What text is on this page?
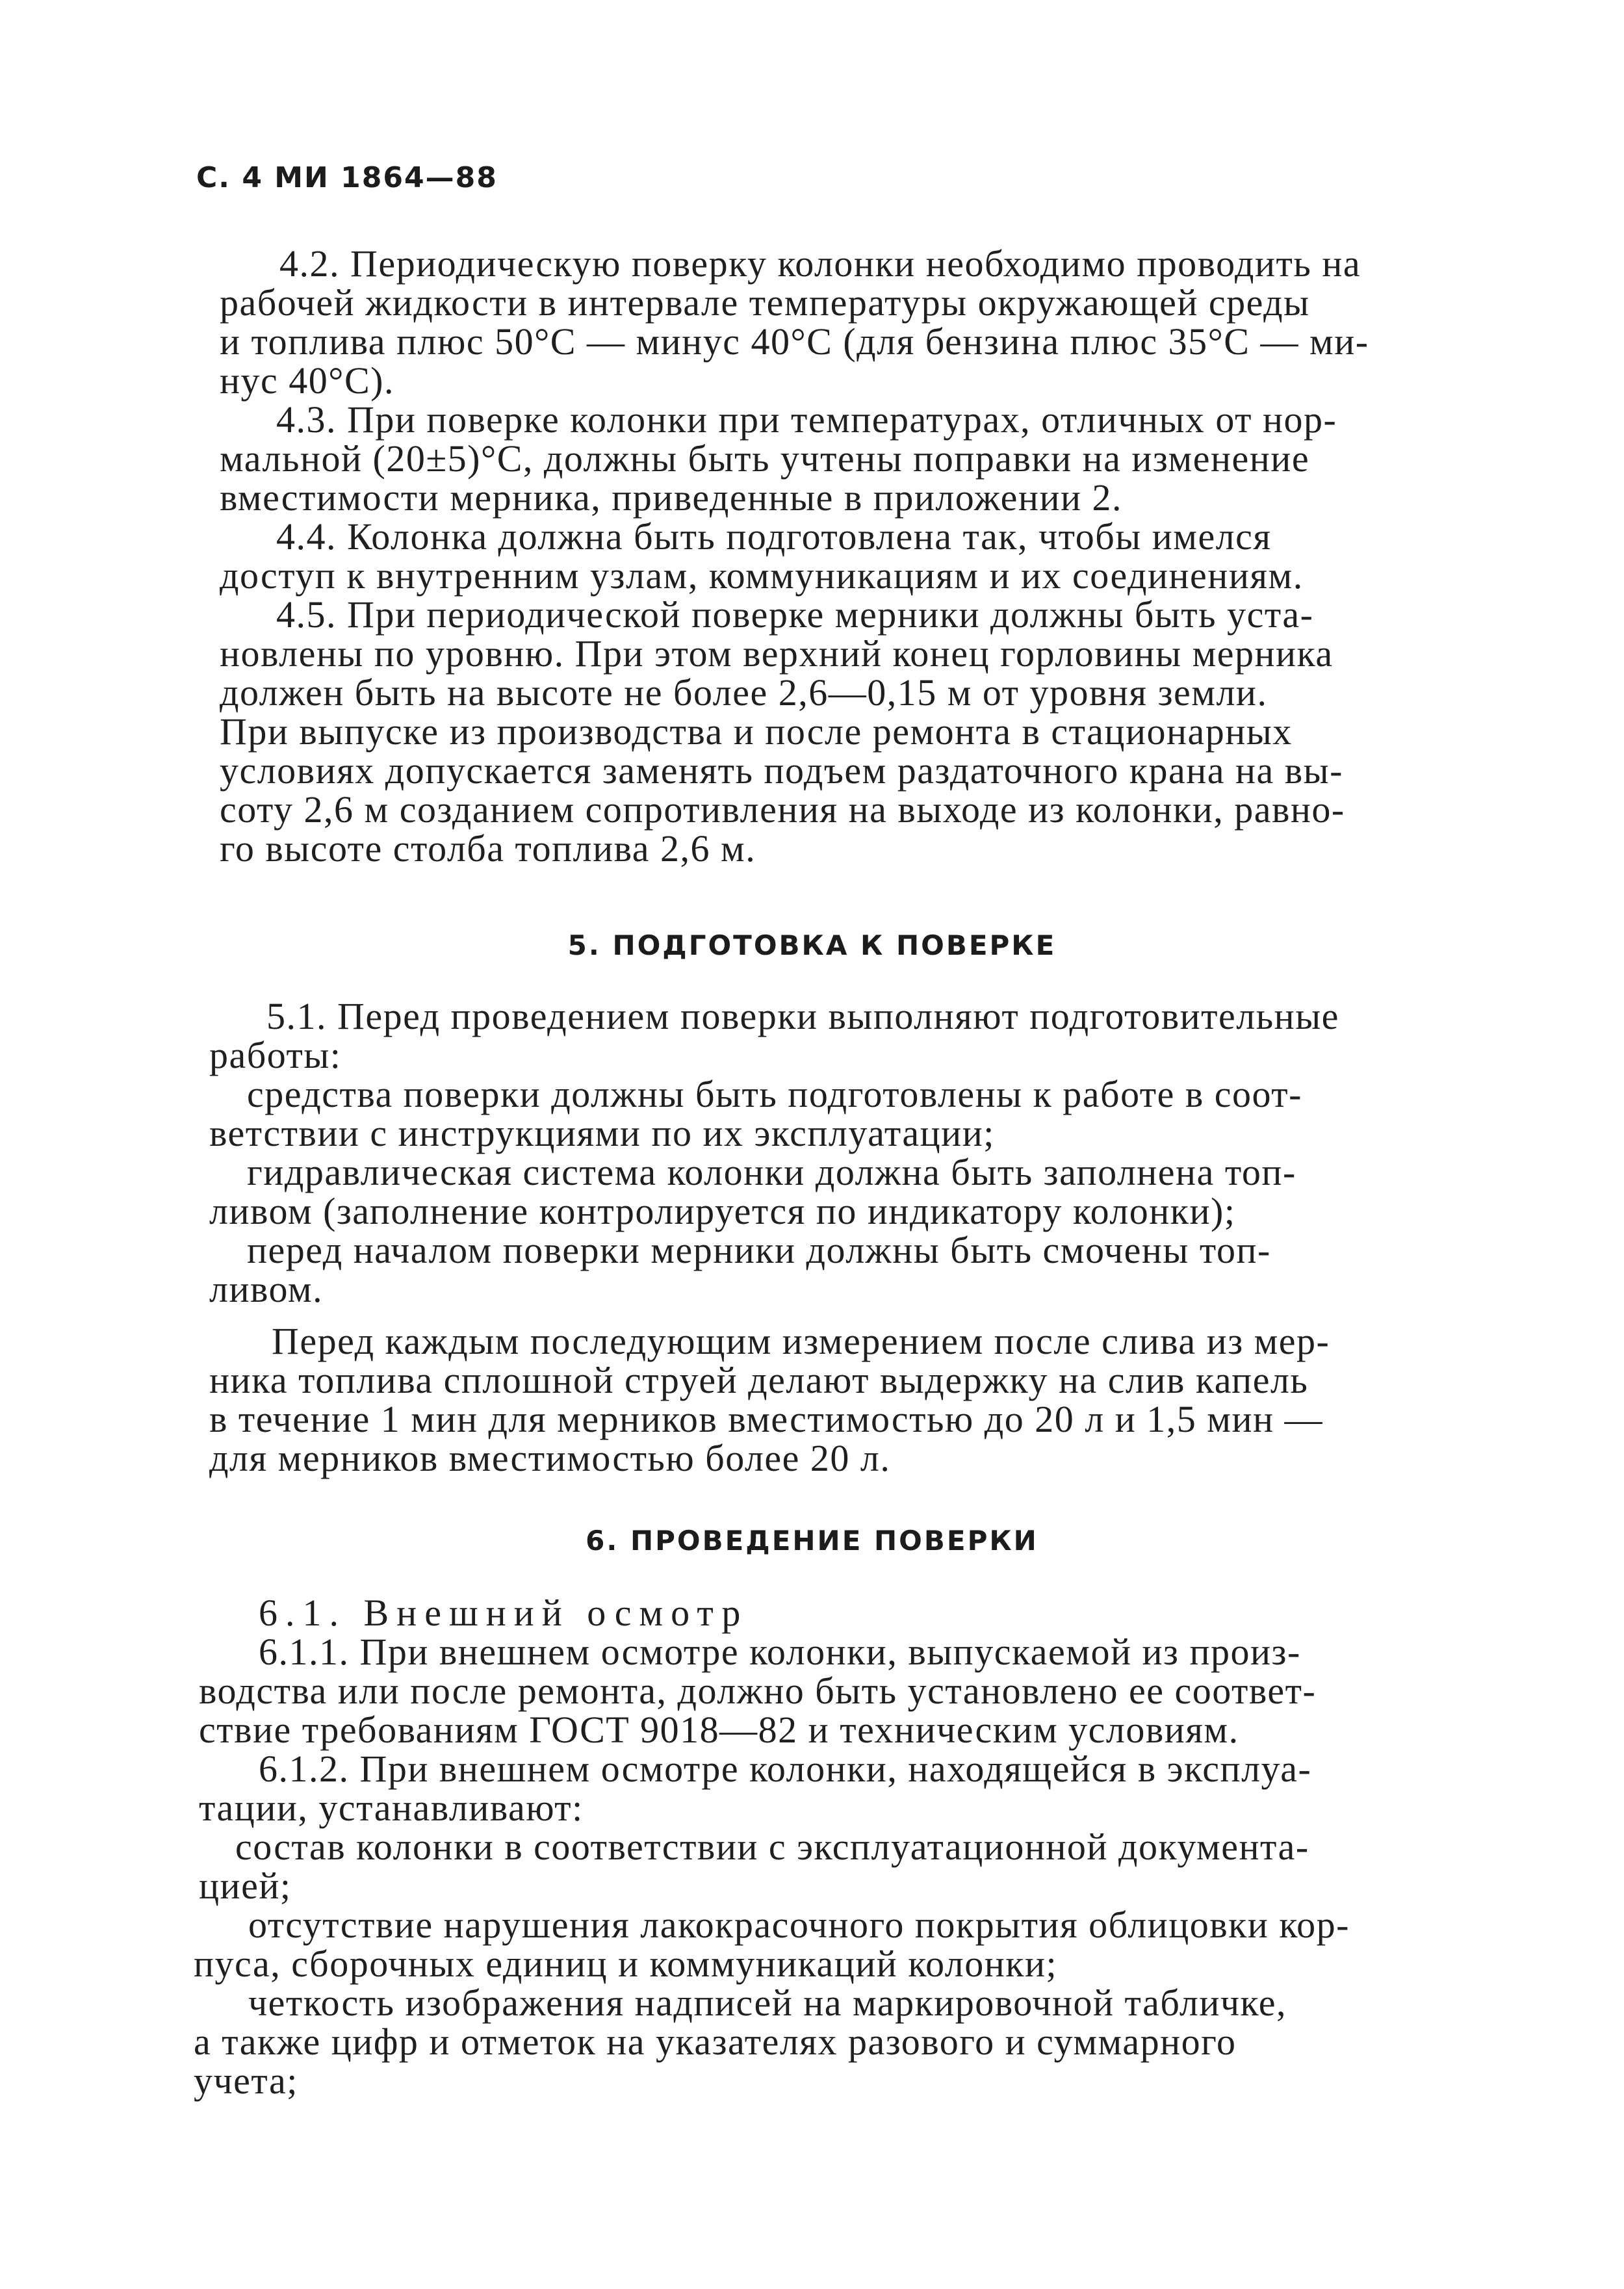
С. 4 МИ 1864—88
4.2. Периодическую поверку колонки необходимо проводить на
рабочей жидкости в интервале температуры окружающей среды
и топлива плюс 50°С — минус 40°С (для бензина плюс 35°С — ми-
нус 40°С).
4.3. При поверке колонки при температурах, отличных от нор-
мальной (20±5)°С, должны быть учтены поправки на изменение
вместимости мерника, приведенные в приложении 2.
4.4. Колонка должна быть подготовлена так, чтобы имелся
доступ к внутренним узлам, коммуникациям и их соединениям.
4.5. При периодической поверке мерники должны быть уста-
новлены по уровню. При этом верхний конец горловины мерника
должен быть на высоте не более 2,6—0,15 м от уровня земли.
При выпуске из производства и после ремонта в стационарных
условиях допускается заменять подъем раздаточного крана на вы-
соту 2,6 м созданием сопротивления на выходе из колонки, равно-
го высоте столба топлива 2,6 м.
5. ПОДГОТОВКА К ПОВЕРКЕ
5.1. Перед проведением поверки выполняют подготовительные
работы:
средства поверки должны быть подготовлены к работе в соот-
ветствии с инструкциями по их эксплуатации;
гидравлическая система колонки должна быть заполнена топ-
ливом (заполнение контролируется по индикатору колонки);
перед началом поверки мерники должны быть смочены топ-
ливом.
Перед каждым последующим измерением после слива из мер-
ника топлива сплошной струей делают выдержку на слив капель
в течение 1 мин для мерников вместимостью до 20 л и 1,5 мин —
для мерников вместимостью более 20 л.
6. ПРОВЕДЕНИЕ ПОВЕРКИ
6.1. Внешний осмотр
6.1.1. При внешнем осмотре колонки, выпускаемой из произ-
водства или после ремонта, должно быть установлено ее соответ-
ствие требованиям ГОСТ 9018—82 и техническим условиям.
6.1.2. При внешнем осмотре колонки, находящейся в эксплуа-
тации, устанавливают:
состав колонки в соответствии с эксплуатационной документа-
цией;
отсутствие нарушения лакокрасочного покрытия облицовки кор-
пуса, сборочных единиц и коммуникаций колонки;
четкость изображения надписей на маркировочной табличке,
а также цифр и отметок на указателях разового и суммарного
учета;
